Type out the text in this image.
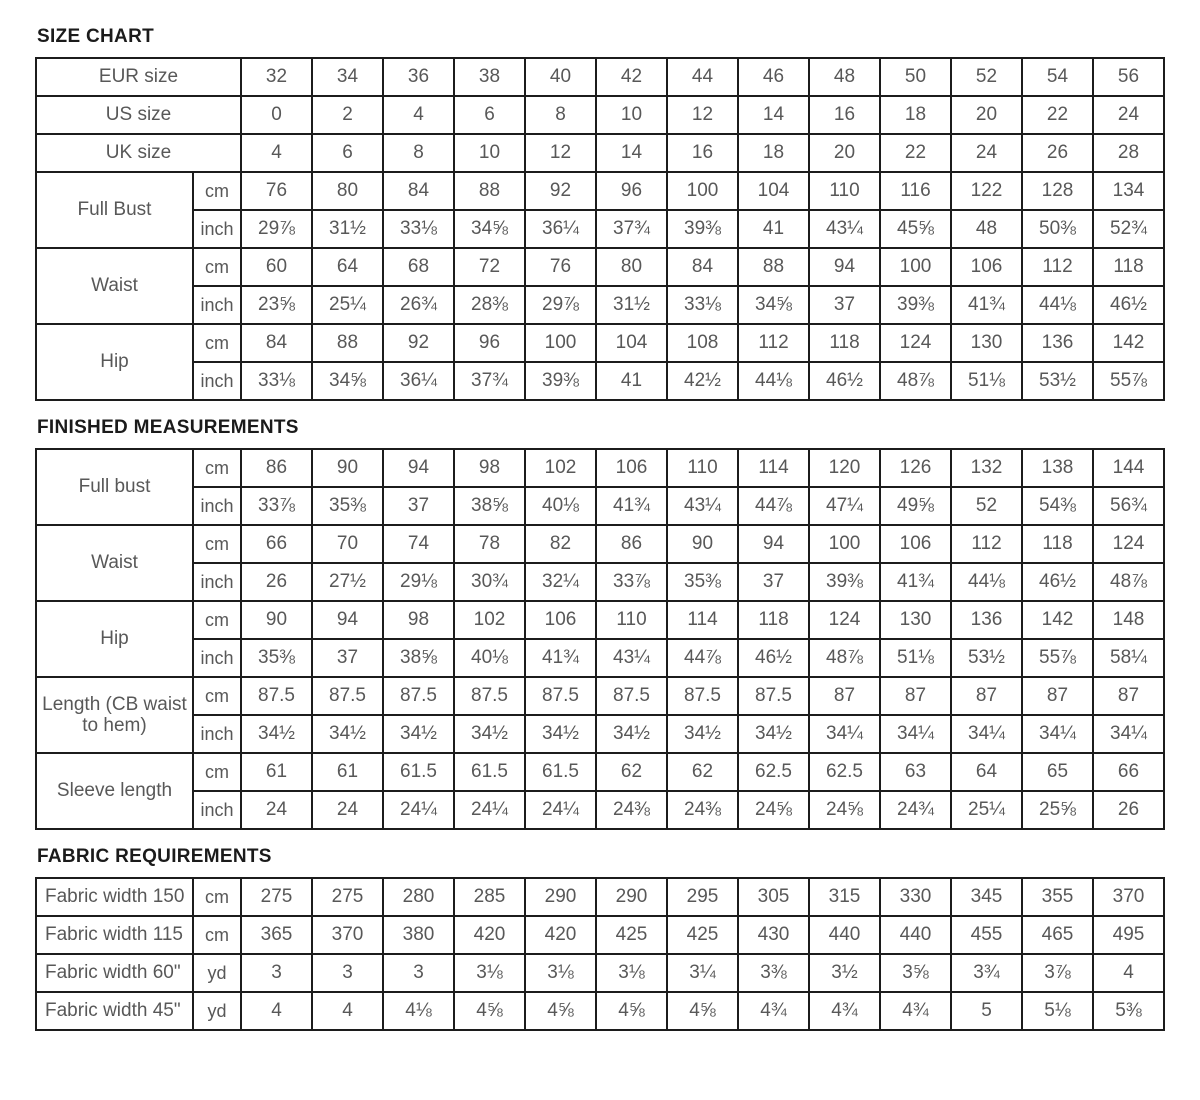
SIZE CHART
EUR size		32	34	36	38	40	42	44	46	48	50	52	54	56
US size		0	2	4	6	8	10	12	14	16	18	20	22	24
UK size		4	6	8	10	12	14	16	18	20	22	24	26	28
Full Bust	cm	76	80	84	88	92	96	100	104	110	116	122	128	134
	inch	29⅞	31½	33⅛	34⅝	36¼	37¾	39⅜	41	43¼	45⅝	48	50⅜	52¾
Waist	cm	60	64	68	72	76	80	84	88	94	100	106	112	118
	inch	23⅝	25¼	26¾	28⅜	29⅞	31½	33⅛	34⅝	37	39⅜	41¾	44⅛	46½
Hip	cm	84	88	92	96	100	104	108	112	118	124	130	136	142
	inch	33⅛	34⅝	36¼	37¾	39⅜	41	42½	44⅛	46½	48⅞	51⅛	53½	55⅞
FINISHED MEASUREMENTS
Full bust	cm	86	90	94	98	102	106	110	114	120	126	132	138	144
	inch	33⅞	35⅜	37	38⅝	40⅛	41¾	43¼	44⅞	47¼	49⅝	52	54⅜	56¾
Waist	cm	66	70	74	78	82	86	90	94	100	106	112	118	124
	inch	26	27½	29⅛	30¾	32¼	33⅞	35⅜	37	39⅜	41¾	44⅛	46½	48⅞
Hip	cm	90	94	98	102	106	110	114	118	124	130	136	142	148
	inch	35⅜	37	38⅝	40⅛	41¾	43¼	44⅞	46½	48⅞	51⅛	53½	55⅞	58¼
Length (CB waist to hem)	cm	87.5	87.5	87.5	87.5	87.5	87.5	87.5	87.5	87	87	87	87	87
	inch	34½	34½	34½	34½	34½	34½	34½	34½	34¼	34¼	34¼	34¼	34¼
Sleeve length	cm	61	61	61.5	61.5	61.5	62	62	62.5	62.5	63	64	65	66
	inch	24	24	24¼	24¼	24¼	24⅜	24⅜	24⅝	24⅝	24¾	25¼	25⅝	26
FABRIC REQUIREMENTS
Fabric width 150	cm	275	275	280	285	290	290	295	305	315	330	345	355	370
Fabric width 115	cm	365	370	380	420	420	425	425	430	440	440	455	465	495
Fabric width 60"	yd	3	3	3	3⅛	3⅛	3⅛	3¼	3⅜	3½	3⅝	3¾	3⅞	4
Fabric width 45"	yd	4	4	4⅛	4⅝	4⅝	4⅝	4⅝	4¾	4¾	4¾	5	5⅛	5⅜
